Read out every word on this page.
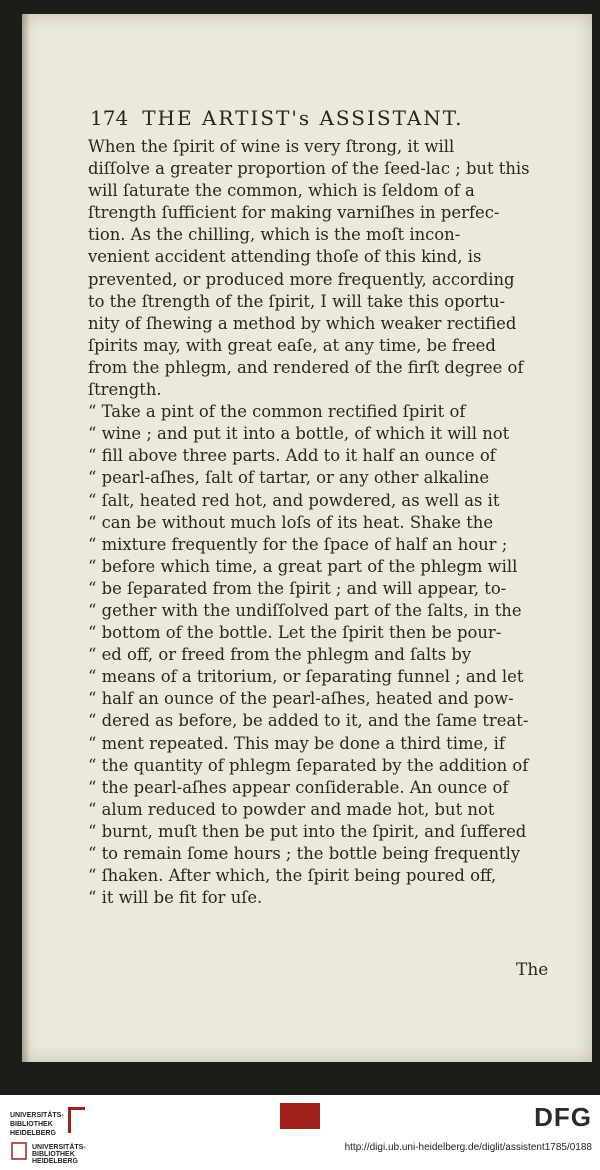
174 THE ARTIST's ASSISTANT.
When the ſpirit of wine is very ſtrong, it will
diſſolve a greater proportion of the ſeed-lac ; but this
will ſaturate the common, which is ſeldom of a
ſtrength ſufficient for making varniſhes in perfec-
tion. As the chilling, which is the moſt incon-
venient accident attending thoſe of this kind, is
prevented, or produced more frequently, according
to the ſtrength of the ſpirit, I will take this oportu-
nity of ſhewing a method by which weaker rectified
ſpirits may, with great eaſe, at any time, be freed
from the phlegm, and rendered of the firſt degree of
ſtrength.
“ Take a pint of the common rectified ſpirit of
“ wine ; and put it into a bottle, of which it will not
“ fill above three parts. Add to it half an ounce of
“ pearl-aſhes, ſalt of tartar, or any other alkaline
“ ſalt, heated red hot, and powdered, as well as it
“ can be without much loſs of its heat. Shake the
“ mixture frequently for the ſpace of half an hour ;
“ before which time, a great part of the phlegm will
“ be ſeparated from the ſpirit ; and will appear, to-
“ gether with the undiſſolved part of the ſalts, in the
“ bottom of the bottle. Let the ſpirit then be pour-
“ ed off, or freed from the phlegm and ſalts by
“ means of a tritorium, or ſeparating funnel ; and let
“ half an ounce of the pearl-aſhes, heated and pow-
“ dered as before, be added to it, and the ſame treat-
“ ment repeated. This may be done a third time, if
“ the quantity of phlegm ſeparated by the addition of
“ the pearl-aſhes appear conſiderable. An ounce of
“ alum reduced to powder and made hot, but not
“ burnt, muſt then be put into the ſpirit, and ſuffered
“ to remain ſome hours ; the bottle being frequently
“ ſhaken. After which, the ſpirit being poured off,
“ it will be fit for uſe.
The
UNIVERSITÄTS-
BIBLIOTHEK
HEIDELBERG
UNIVERSITÄTS-
BIBLIOTHEK
HEIDELBERG
DFG
http://digi.ub.uni-heidelberg.de/diglit/assistent1785/0188
